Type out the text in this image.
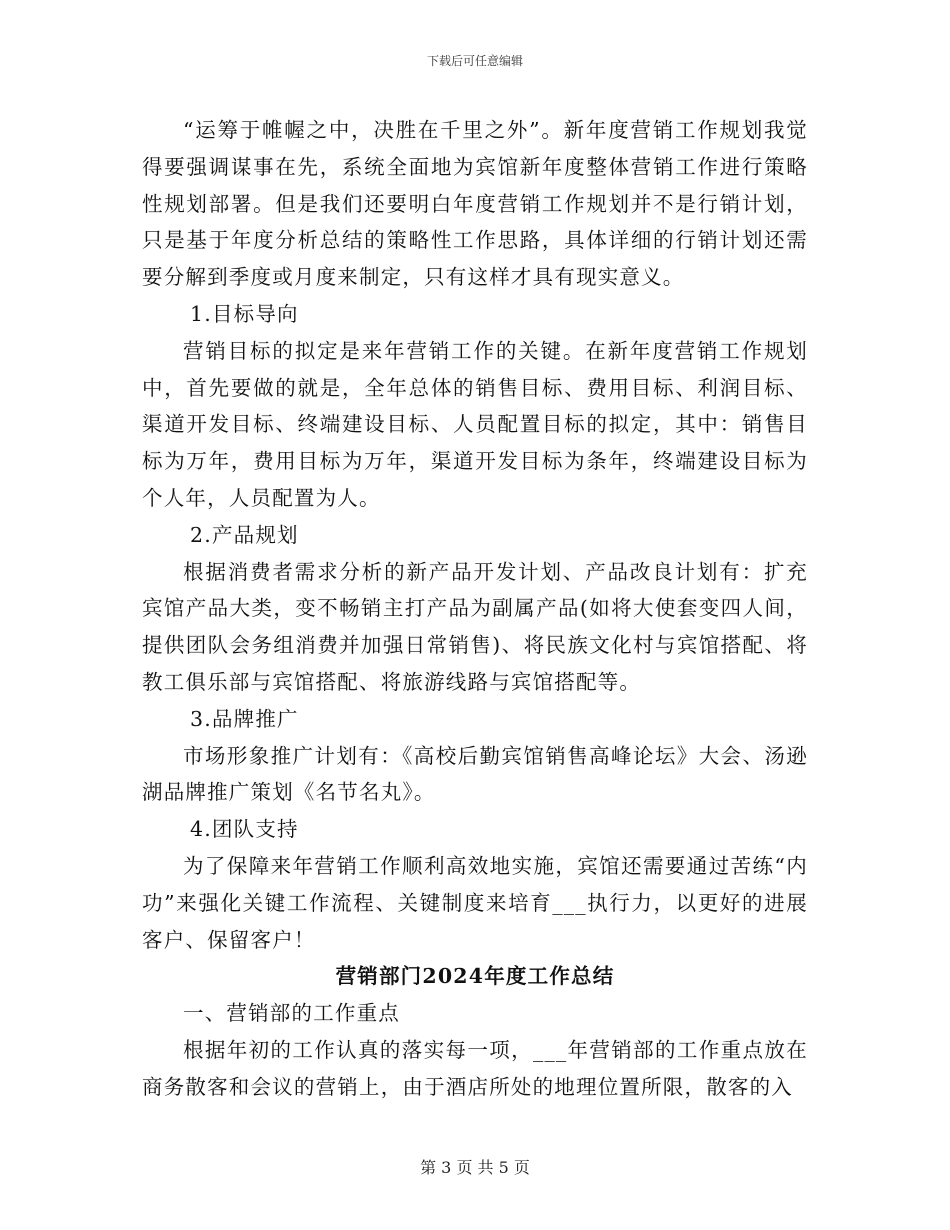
下载后可任意编辑

“运筹于帷幄之中，决胜在千里之外”。新年度营销工作规划我觉得要强调谋事在先，系统全面地为宾馆新年度整体营销工作进行策略性规划部署。但是我们还要明白年度营销工作规划并不是行销计划，只是基于年度分析总结的策略性工作思路，具体详细的行销计划还需要分解到季度或月度来制定，只有这样才具有现实意义。

1.目标导向

营销目标的拟定是来年营销工作的关键。在新年度营销工作规划中，首先要做的就是，全年总体的销售目标、费用目标、利润目标、渠道开发目标、终端建设目标、人员配置目标的拟定，其中：销售目标为万年，费用目标为万年，渠道开发目标为条年，终端建设目标为个人年，人员配置为人。

2.产品规划

根据消费者需求分析的新产品开发计划、产品改良计划有：扩充宾馆产品大类，变不畅销主打产品为副属产品(如将大使套变四人间，提供团队会务组消费并加强日常销售)、将民族文化村与宾馆搭配、将教工俱乐部与宾馆搭配、将旅游线路与宾馆搭配等。

3.品牌推广

市场形象推广计划有：《高校后勤宾馆销售高峰论坛》大会、汤逊湖品牌推广策划《名节名丸》。

4.团队支持

为了保障来年营销工作顺利高效地实施，宾馆还需要通过苦练“内功”来强化关键工作流程、关键制度来培育___执行力，以更好的进展客户、保留客户！

营销部门2024年度工作总结

一、营销部的工作重点

根据年初的工作认真的落实每一项，___年营销部的工作重点放在商务散客和会议的营销上，由于酒店所处的地理位置所限，散客的入

第 3 页 共 5 页
